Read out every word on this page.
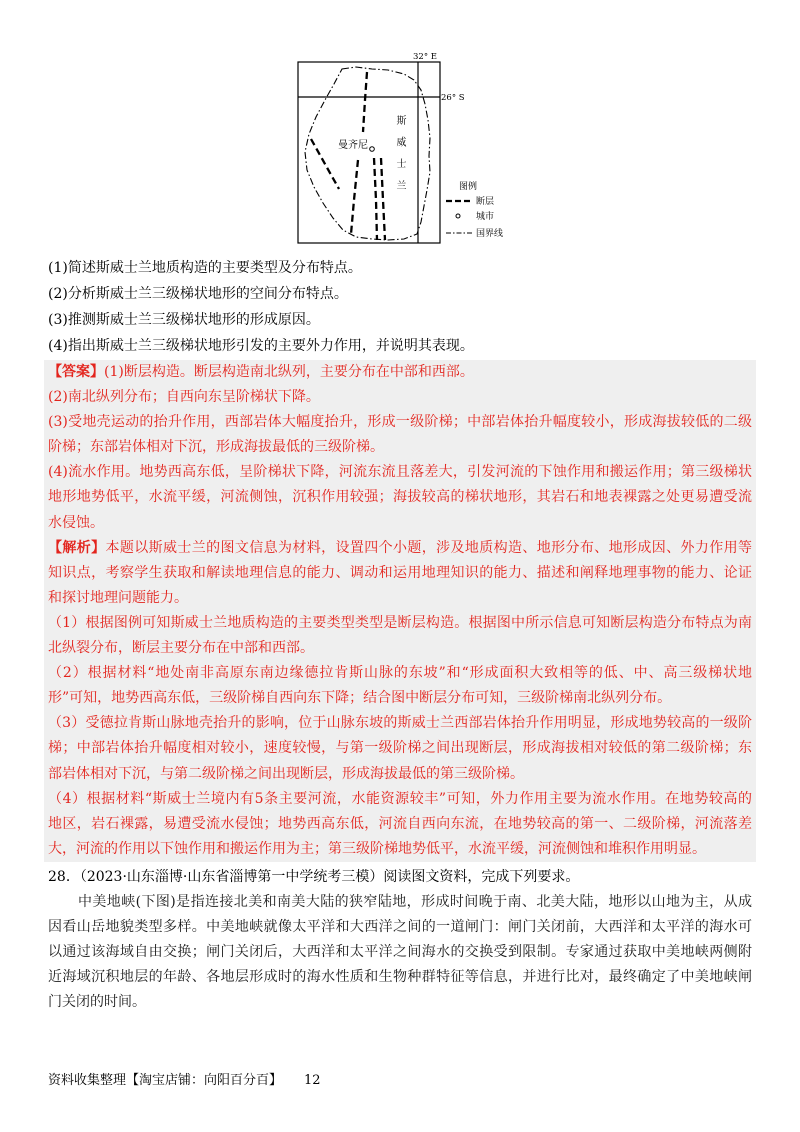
32° E
26° S
曼齐尼
图例
断层
城市
国界线
斯威士兰
(1)简述斯威士兰地质构造的主要类型及分布特点。
(2)分析斯威士兰三级梯状地形的空间分布特点。
(3)推测斯威士兰三级梯状地形的形成原因。
(4)指出斯威士兰三级梯状地形引发的主要外力作用，并说明其表现。
【答案】(1)断层构造。断层构造南北纵列，主要分布在中部和西部。
(2)南北纵列分布；自西向东呈阶梯状下降。
(3)受地壳运动的抬升作用，西部岩体大幅度抬升，形成一级阶梯；中部岩体抬升幅度较小，形成海拔较低的二级
阶梯；东部岩体相对下沉，形成海拔最低的三级阶梯。
(4)流水作用。地势西高东低，呈阶梯状下降，河流东流且落差大，引发河流的下蚀作用和搬运作用；第三级梯状
地形地势低平，水流平缓，河流侧蚀，沉积作用较强；海拔较高的梯状地形，其岩石和地表裸露之处更易遭受流
水侵蚀。
【解析】本题以斯威士兰的图文信息为材料，设置四个小题，涉及地质构造、地形分布、地形成因、外力作用等
知识点，考察学生获取和解读地理信息的能力、调动和运用地理知识的能力、描述和阐释地理事物的能力、论证
和探讨地理问题能力。
（1）根据图例可知斯威士兰地质构造的主要类型类型是断层构造。根据图中所示信息可知断层构造分布特点为南
北纵裂分布，断层主要分布在中部和西部。
（2）根据材料“地处南非高原东南边缘德拉肯斯山脉的东坡”和“形成面积大致相等的低、中、高三级梯状地
形”可知，地势西高东低，三级阶梯自西向东下降；结合图中断层分布可知，三级阶梯南北纵列分布。
（3）受德拉肯斯山脉地壳抬升的影响，位于山脉东坡的斯威士兰西部岩体抬升作用明显，形成地势较高的一级阶
梯；中部岩体抬升幅度相对较小，速度较慢，与第一级阶梯之间出现断层，形成海拔相对较低的第二级阶梯；东
部岩体相对下沉，与第二级阶梯之间出现断层，形成海拔最低的第三级阶梯。
（4）根据材料“斯威士兰境内有5条主要河流，水能资源较丰”可知，外力作用主要为流水作用。在地势较高的
地区，岩石裸露，易遭受流水侵蚀；地势西高东低，河流自西向东流，在地势较高的第一、二级阶梯，河流落差
大，河流的作用以下蚀作用和搬运作用为主；第三级阶梯地势低平，水流平缓，河流侧蚀和堆积作用明显。
28．（2023·山东淄博·山东省淄博第一中学统考三模）阅读图文资料，完成下列要求。
中美地峡(下图)是指连接北美和南美大陆的狭窄陆地，形成时间晚于南、北美大陆，地形以山地为主，从成
因看山岳地貌类型多样。中美地峡就像太平洋和大西洋之间的一道闸门：闸门关闭前，大西洋和太平洋的海水可
以通过该海域自由交换；闸门关闭后，大西洋和太平洋之间海水的交换受到限制。专家通过获取中美地峡两侧附
近海域沉积地层的年龄、各地层形成时的海水性质和生物种群特征等信息，并进行比对，最终确定了中美地峡闸
门关闭的时间。
资料收集整理【淘宝店铺：向阳百分百】 12
